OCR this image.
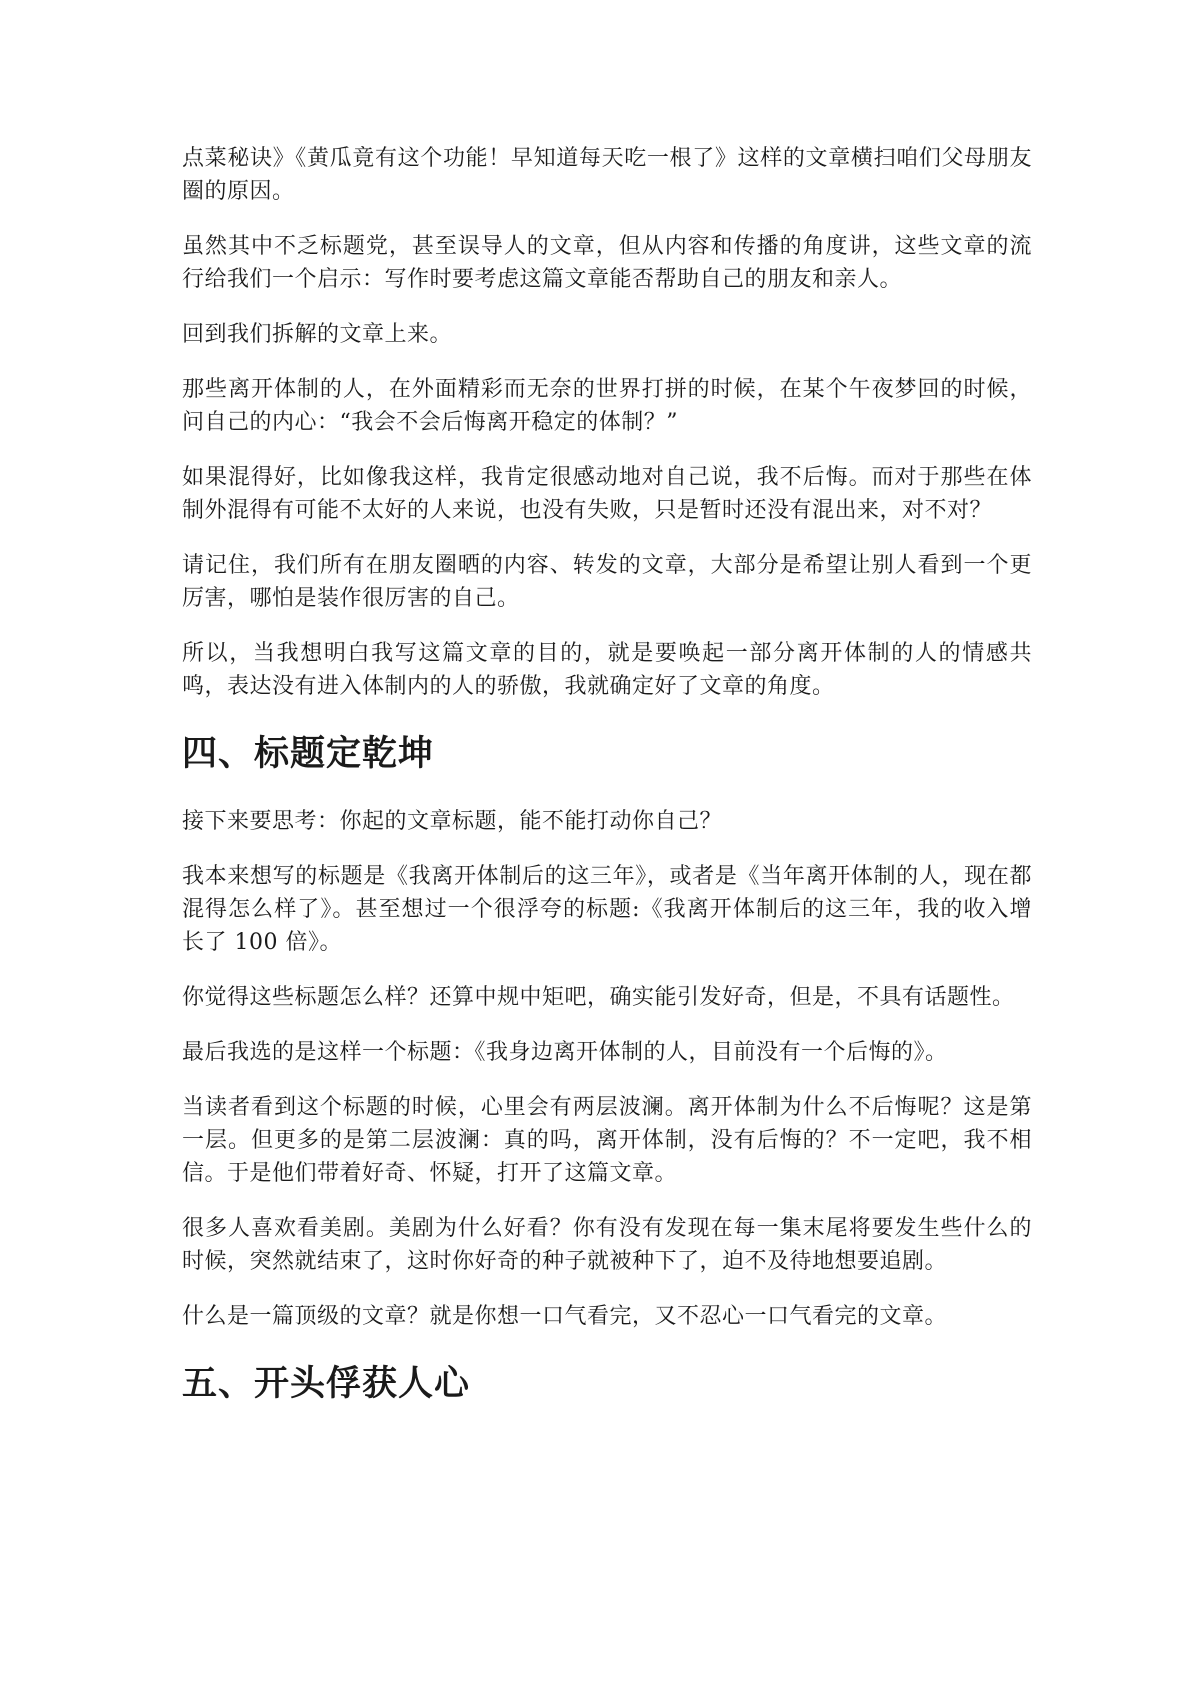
点菜秘诀》《黄瓜竟有这个功能！早知道每天吃一根了》这样的文章横扫咱们父母朋友圈的原因。

虽然其中不乏标题党，甚至误导人的文章，但从内容和传播的角度讲，这些文章的流行给我们一个启示：写作时要考虑这篇文章能否帮助自己的朋友和亲人。

回到我们拆解的文章上来。

那些离开体制的人，在外面精彩而无奈的世界打拼的时候，在某个午夜梦回的时候，问自己的内心：“我会不会后悔离开稳定的体制？”

如果混得好，比如像我这样，我肯定很感动地对自己说，我不后悔。而对于那些在体制外混得有可能不太好的人来说，也没有失败，只是暂时还没有混出来，对不对？

请记住，我们所有在朋友圈晒的内容、转发的文章，大部分是希望让别人看到一个更厉害，哪怕是装作很厉害的自己。

所以，当我想明白我写这篇文章的目的，就是要唤起一部分离开体制的人的情感共鸣，表达没有进入体制内的人的骄傲，我就确定好了文章的角度。

四、标题定乾坤

接下来要思考：你起的文章标题，能不能打动你自己？

我本来想写的标题是《我离开体制后的这三年》，或者是《当年离开体制的人，现在都混得怎么样了》。甚至想过一个很浮夸的标题:《我离开体制后的这三年，我的收入增长了 100 倍》。

你觉得这些标题怎么样？还算中规中矩吧，确实能引发好奇，但是，不具有话题性。

最后我选的是这样一个标题：《我身边离开体制的人，目前没有一个后悔的》。

当读者看到这个标题的时候，心里会有两层波澜。离开体制为什么不后悔呢？这是第一层。但更多的是第二层波澜：真的吗，离开体制，没有后悔的？不一定吧，我不相信。于是他们带着好奇、怀疑，打开了这篇文章。

很多人喜欢看美剧。美剧为什么好看？你有没有发现在每一集末尾将要发生些什么的时候，突然就结束了，这时你好奇的种子就被种下了，迫不及待地想要追剧。

什么是一篇顶级的文章？就是你想一口气看完，又不忍心一口气看完的文章。

五、开头俘获人心
